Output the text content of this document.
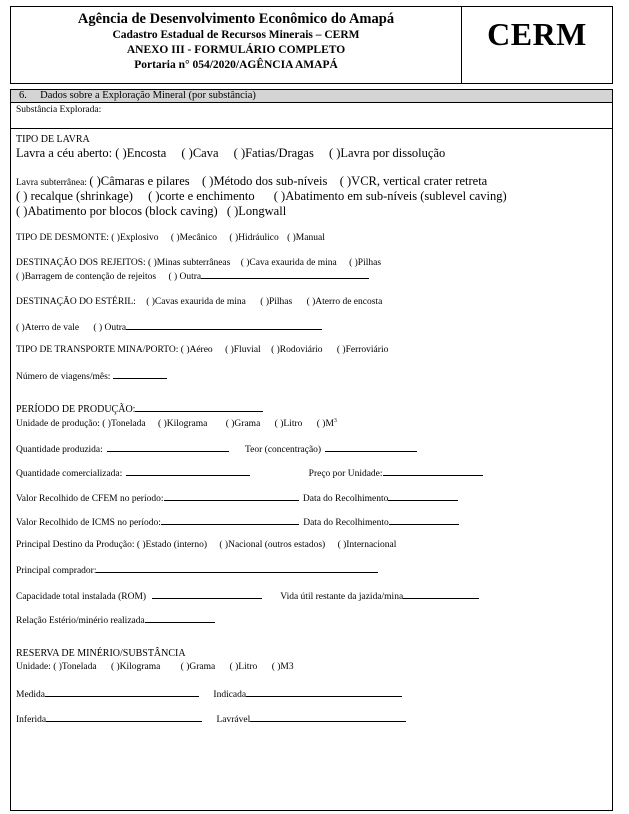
Agência de Desenvolvimento Econômico do Amapá
Cadastro Estadual de Recursos Minerais – CERM
ANEXO III - FORMULÁRIO COMPLETO
Portaria n° 054/2020/AGÊNCIA AMAPÁ
CERM
6. Dados sobre a Exploração Mineral (por substância)
Substância Explorada:
TIPO DE LAVRA
Lavra a céu aberto: ( )Encosta ( )Cava ( )Fatias/Dragas ( )Lavra por dissolução
Lavra subterrânea: ( )Câmaras e pilares ( )Método dos sub-níveis ( )VCR, vertical crater retreta
( ) recalque (shrinkage) ( )corte e enchimento ( )Abatimento em sub-níveis (sublevel caving)
( )Abatimento por blocos (block caving) ( )Longwall
TIPO DE DESMONTE: ( )Explosivo ( )Mecânico ( )Hidráulico ( )Manual
DESTINAÇÃO DOS REJEITOS: ( )Minas subterrâneas ( )Cava exaurida de mina ( )Pilhas
( )Barragem de contenção de rejeitos ( ) Outra
DESTINAÇÃO DO ESTÉRIL: ( )Cavas exaurida de mina ( )Pilhas ( )Aterro de encosta
( )Aterro de vale ( ) Outra
TIPO DE TRANSPORTE MINA/PORTO: ( )Aéreo ( )Fluvial ( )Rodoviário ( )Ferroviário
Número de viagens/mês:
PERÍODO DE PRODUÇÃO:
Unidade de produção: ( )Tonelada ( )Kilograma ( )Grama ( )Litro ( )$M^3$
Quantidade produzida:	Teor (concentração)
Quantidade comercializada:	Preço por Unidade:
Valor Recolhido de CFEM no período:	Data do Recolhimento
Valor Recolhido de ICMS no período:	Data do Recolhimento
Principal Destino da Produção: ( )Estado (interno) ( )Nacional (outros estados) ( )Internacional
Principal comprador:
Capacidade total instalada (ROM)	Vida útil restante da jazida/mina
Relação Estério/minério realizada
RESERVA DE MINÉRIO/SUBSTÂNCIA
Unidade: ( )Tonelada ( )Kilograma ( )Grama ( )Litro ( )M3
Medida	Indicada
Inferida	Lavrável
